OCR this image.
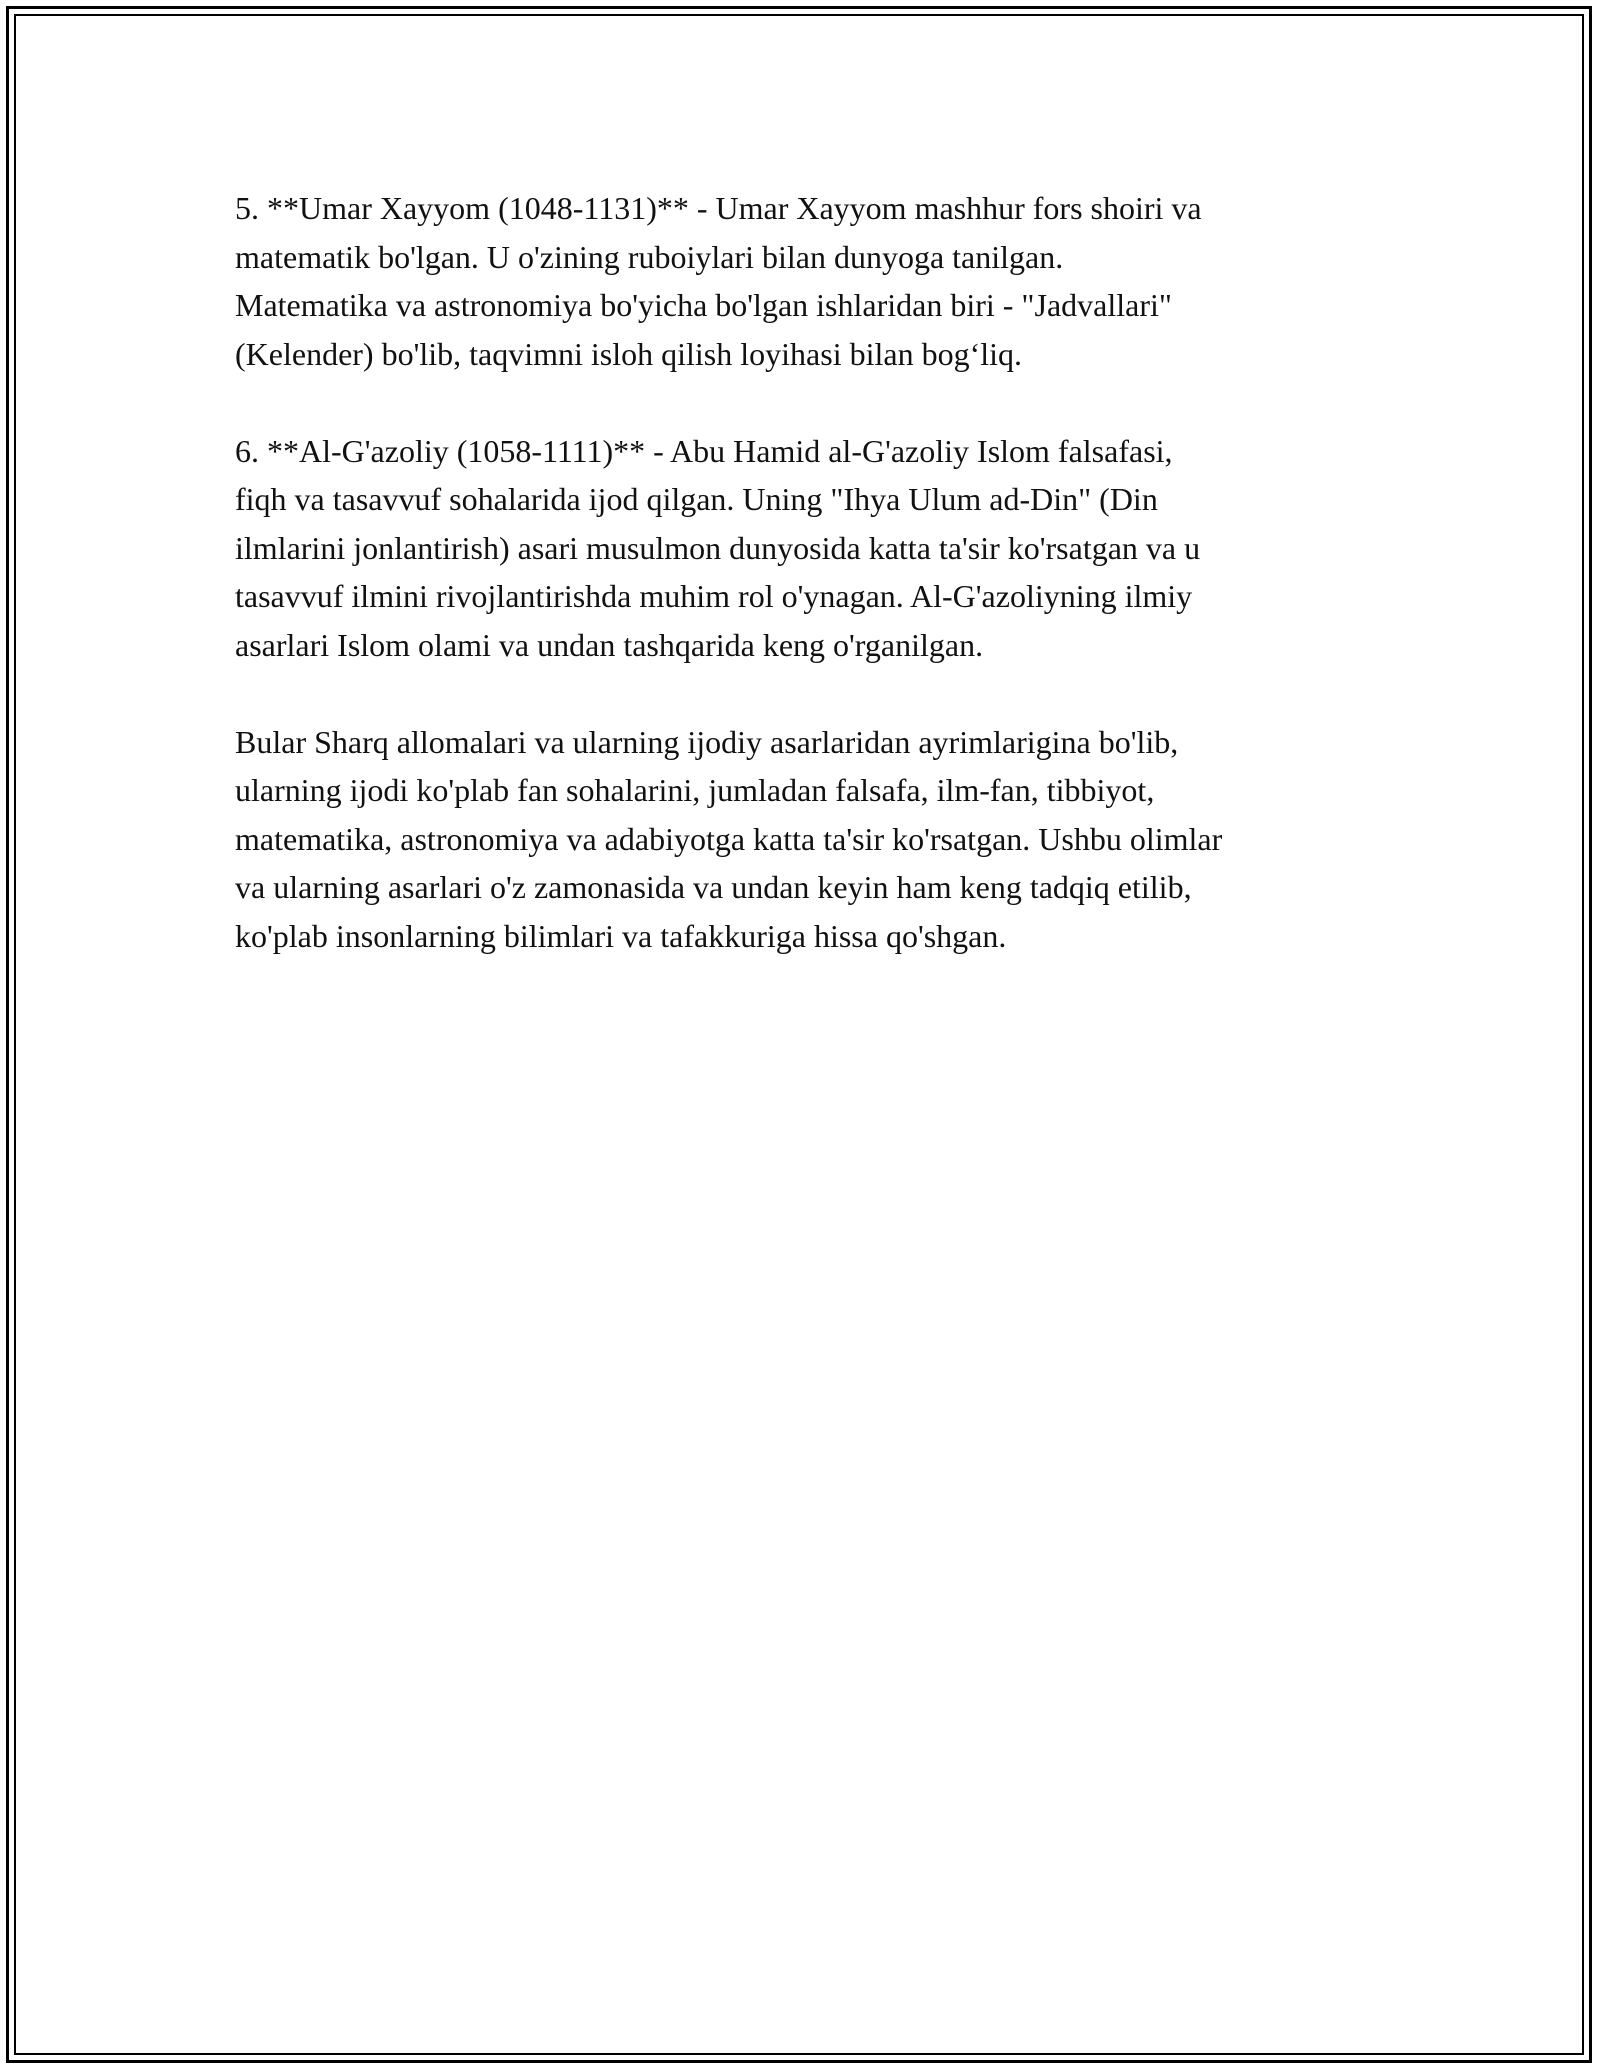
5. **Umar Xayyom (1048-1131)** - Umar Xayyom mashhur fors shoiri va
matematik bo'lgan. U o'zining ruboiylari bilan dunyoga tanilgan.
Matematika va astronomiya bo'yicha bo'lgan ishlaridan biri - "Jadvallari"
(Kelender) bo'lib, taqvimni isloh qilish loyihasi bilan bog‘liq.

6. **Al-G'azoliy (1058-1111)** - Abu Hamid al-G'azoliy Islom falsafasi,
fiqh va tasavvuf sohalarida ijod qilgan. Uning "Ihya Ulum ad-Din" (Din
ilmlarini jonlantirish) asari musulmon dunyosida katta ta'sir ko'rsatgan va u
tasavvuf ilmini rivojlantirishda muhim rol o'ynagan. Al-G'azoliyning ilmiy
asarlari Islom olami va undan tashqarida keng o'rganilgan.

Bular Sharq allomalari va ularning ijodiy asarlaridan ayrimlarigina bo'lib,
ularning ijodi ko'plab fan sohalarini, jumladan falsafa, ilm-fan, tibbiyot,
matematika, astronomiya va adabiyotga katta ta'sir ko'rsatgan. Ushbu olimlar
va ularning asarlari o'z zamonasida va undan keyin ham keng tadqiq etilib,
ko'plab insonlarning bilimlari va tafakkuriga hissa qo'shgan.
